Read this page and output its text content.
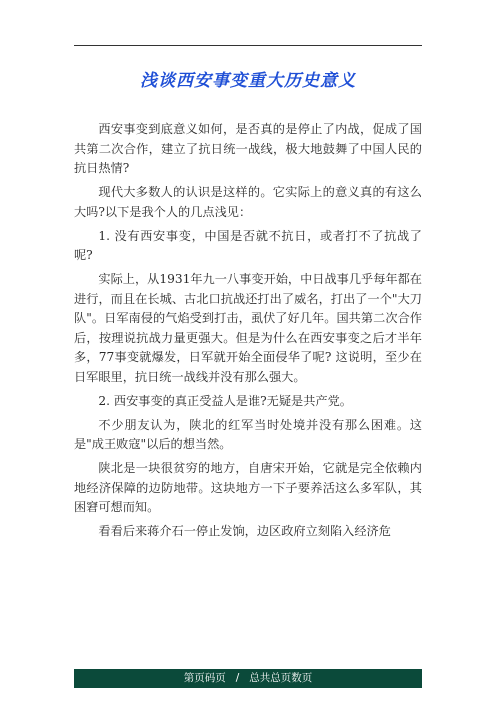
浅谈西安事变重大历史意义

西安事变到底意义如何，是否真的是停止了内战，促成了国共第二次合作，建立了抗日统一战线，极大地鼓舞了中国人民的抗日热情?

现代大多数人的认识是这样的。它实际上的意义真的有这么大吗?以下是我个人的几点浅见：

1. 没有西安事变，中国是否就不抗日，或者打不了抗战了呢?

实际上，从1931年九一八事变开始，中日战事几乎每年都在进行，而且在长城、古北口抗战还打出了威名，打出了一个"大刀队"。日军南侵的气焰受到打击，虱伏了好几年。国共第二次合作后，按理说抗战力量更强大。但是为什么在西安事变之后才半年多，77事变就爆发，日军就开始全面侵华了呢? 这说明，至少在日军眼里，抗日统一战线并没有那么强大。

2. 西安事变的真正受益人是谁?无疑是共产党。

不少朋友认为，陕北的红军当时处境并没有那么困难。这是"成王败寇"以后的想当然。

陕北是一块很贫穷的地方，自唐宋开始，它就是完全依赖内地经济保障的边防地带。这块地方一下子要养活这么多军队，其困窘可想而知。

看看后来蒋介石一停止发饷，边区政府立刻陷入经济危

第页码页 / 总共总页数页
